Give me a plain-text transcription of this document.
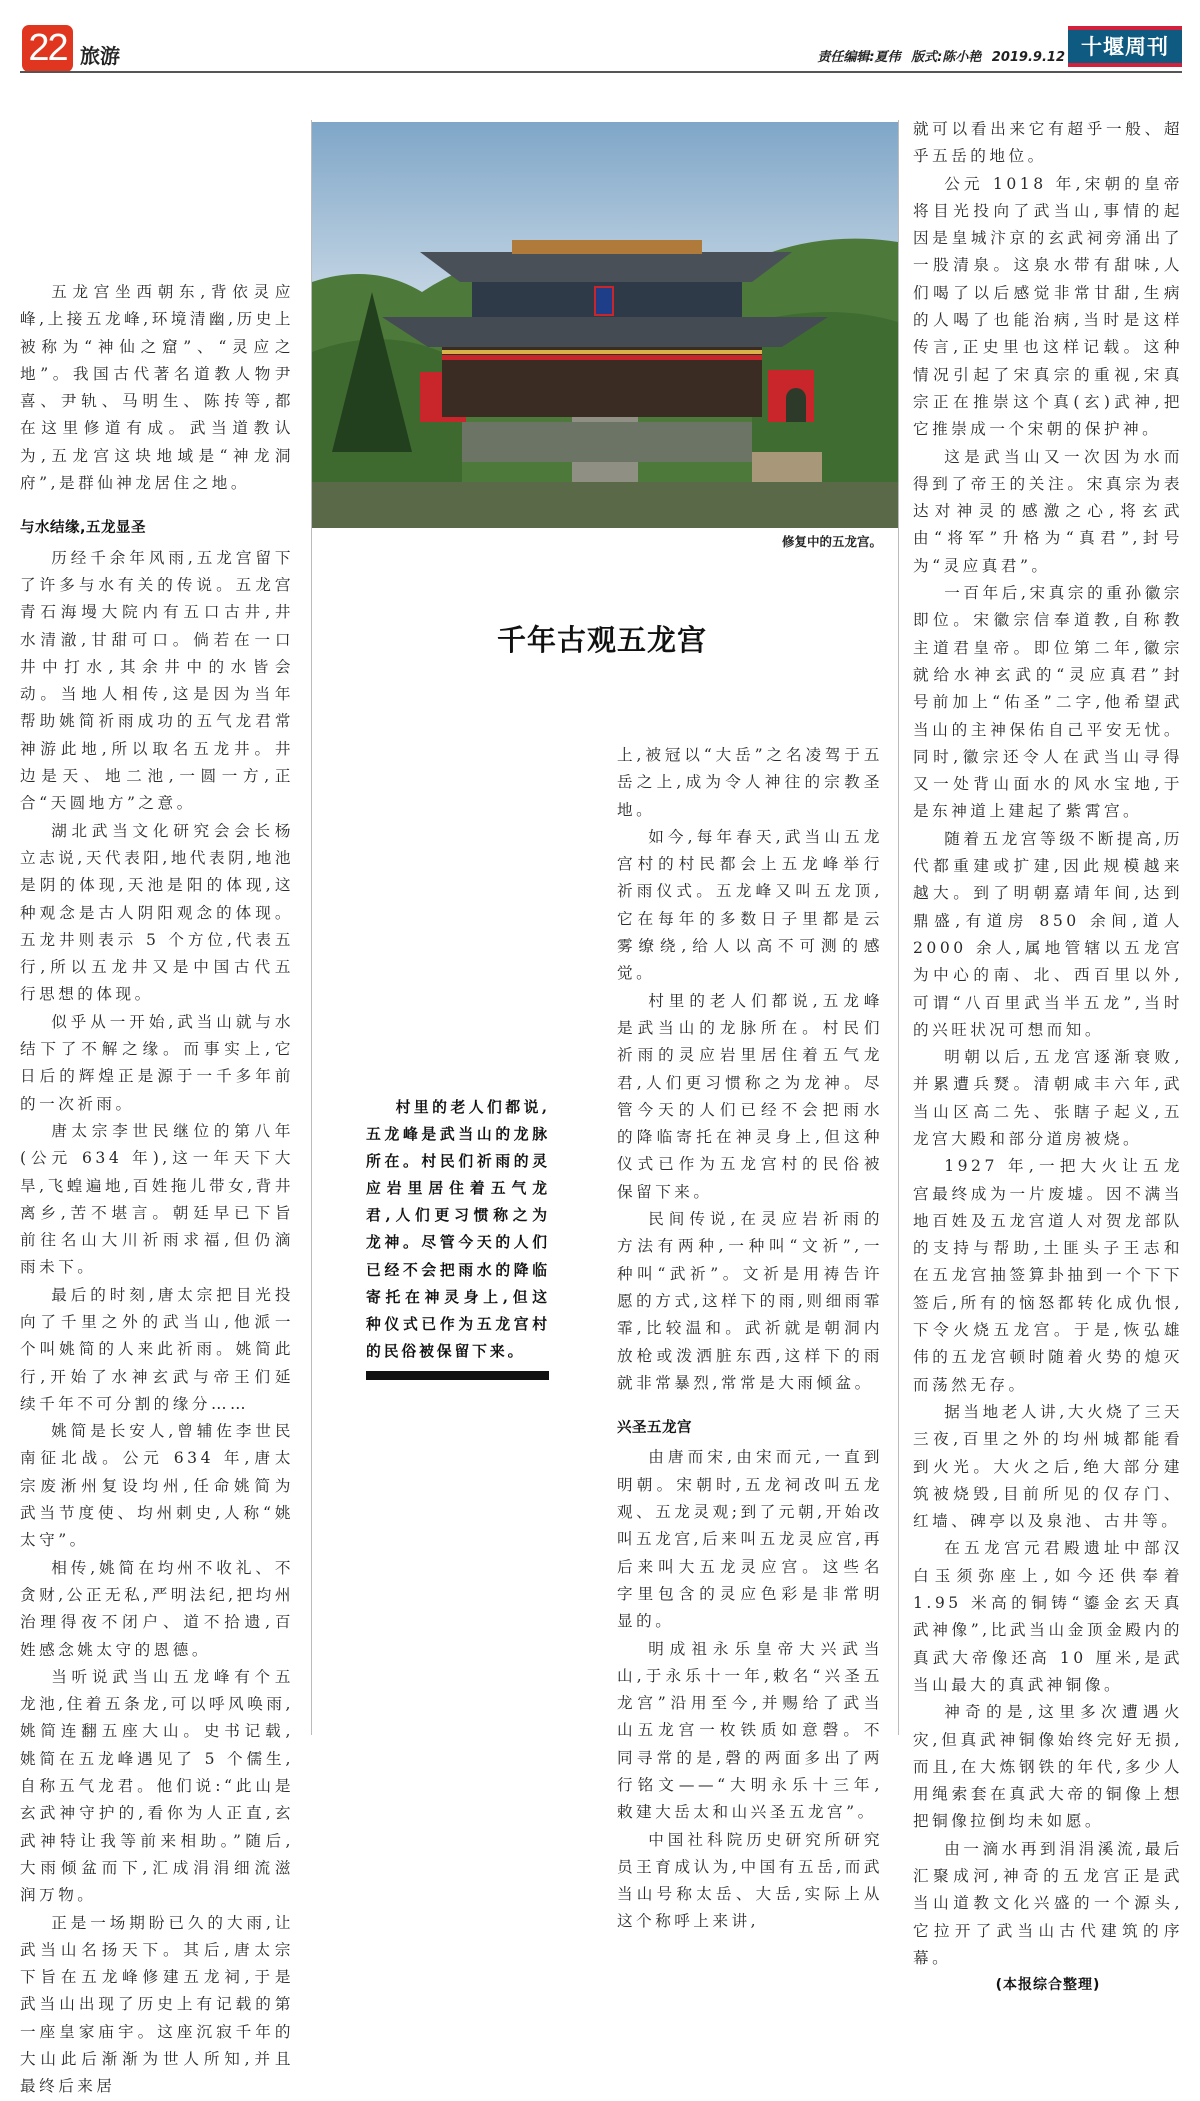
22 旅游	责任编辑:夏伟 版式:陈小艳 2019.9.12 十堰周刊
修复中的五龙宫。
千年古观五龙宫
村里的老人们都说,五龙峰是武当山的龙脉所在。村民们祈雨的灵应岩里居住着五气龙君,人们更习惯称之为龙神。尽管今天的人们已经不会把雨水的降临寄托在神灵身上,但这种仪式已作为五龙宫村的民俗被保留下来。

五龙宫坐西朝东,背依灵应峰,上接五龙峰,环境清幽,历史上被称为“神仙之窟”、“灵应之地”。我国古代著名道教人物尹喜、尹轨、马明生、陈抟等,都在这里修道有成。武当道教认为,五龙宫这块地域是“神龙洞府”,是群仙神龙居住之地。

与水结缘,五龙显圣

历经千余年风雨,五龙宫留下了许多与水有关的传说。五龙宫青石海墁大院内有五口古井,井水清澈,甘甜可口。倘若在一口井中打水,其余井中的水皆会动。当地人相传,这是因为当年帮助姚简祈雨成功的五气龙君常神游此地,所以取名五龙井。井边是天、地二池,一圆一方,正合“天圆地方”之意。

湖北武当文化研究会会长杨立志说,天代表阳,地代表阴,地池是阴的体现,天池是阳的体现,这种观念是古人阴阳观念的体现。五龙井则表示 5 个方位,代表五行,所以五龙井又是中国古代五行思想的体现。

似乎从一开始,武当山就与水结下了不解之缘。而事实上,它日后的辉煌正是源于一千多年前的一次祈雨。

唐太宗李世民继位的第八年 (公元 634 年),这一年天下大旱,飞蝗遍地,百姓拖儿带女,背井离乡,苦不堪言。朝廷早已下旨前往名山大川祈雨求福,但仍滴雨未下。

最后的时刻,唐太宗把目光投向了千里之外的武当山,他派一个叫姚简的人来此祈雨。姚简此行,开始了水神玄武与帝王们延续千年不可分割的缘分……

姚简是长安人,曾辅佐李世民南征北战。公元 634 年,唐太宗废淅州复设均州,任命姚简为武当节度使、均州刺史,人称“姚太守”。

相传,姚简在均州不收礼、不贪财,公正无私,严明法纪,把均州治理得夜不闭户、道不拾遗,百姓感念姚太守的恩德。

当听说武当山五龙峰有个五龙池,住着五条龙,可以呼风唤雨,姚简连翻五座大山。史书记载,姚简在五龙峰遇见了 5 个儒生,自称五气龙君。他们说:“此山是玄武神守护的,看你为人正直,玄武神特让我等前来相助。”随后,大雨倾盆而下,汇成涓涓细流滋润万物。

正是一场期盼已久的大雨,让武当山名扬天下。其后,唐太宗下旨在五龙峰修建五龙祠,于是武当山出现了历史上有记载的第一座皇家庙宇。这座沉寂千年的大山此后渐渐为世人所知,并且最终后来居

上,被冠以“大岳”之名凌驾于五岳之上,成为令人神往的宗教圣地。

如今,每年春天,武当山五龙宫村的村民都会上五龙峰举行祈雨仪式。五龙峰又叫五龙顶,它在每年的多数日子里都是云雾缭绕,给人以高不可测的感觉。

村里的老人们都说,五龙峰是武当山的龙脉所在。村民们祈雨的灵应岩里居住着五气龙君,人们更习惯称之为龙神。尽管今天的人们已经不会把雨水的降临寄托在神灵身上,但这种仪式已作为五龙宫村的民俗被保留下来。

民间传说,在灵应岩祈雨的方法有两种,一种叫“文祈”,一种叫“武祈”。文祈是用祷告许愿的方式,这样下的雨,则细雨霏霏,比较温和。武祈就是朝洞内放枪或泼洒脏东西,这样下的雨就非常暴烈,常常是大雨倾盆。

兴圣五龙宫

由唐而宋,由宋而元,一直到明朝。宋朝时,五龙祠改叫五龙观、五龙灵观;到了元朝,开始改叫五龙宫,后来叫五龙灵应宫,再后来叫大五龙灵应宫。这些名字里包含的灵应色彩是非常明显的。

明成祖永乐皇帝大兴武当山,于永乐十一年,敕名“兴圣五龙宫”沿用至今,并赐给了武当山五龙宫一枚铁质如意磬。不同寻常的是,磬的两面多出了两行铭文——“大明永乐十三年,敕建大岳太和山兴圣五龙宫”。

中国社科院历史研究所研究员王育成认为,中国有五岳,而武当山号称太岳、大岳,实际上从这个称呼上来讲,

就可以看出来它有超乎一般、超乎五岳的地位。

公元 1018 年,宋朝的皇帝将目光投向了武当山,事情的起因是皇城汴京的玄武祠旁涌出了一股清泉。这泉水带有甜味,人们喝了以后感觉非常甘甜,生病的人喝了也能治病,当时是这样传言,正史里也这样记载。这种情况引起了宋真宗的重视,宋真宗正在推崇这个真(玄)武神,把它推崇成一个宋朝的保护神。

这是武当山又一次因为水而得到了帝王的关注。宋真宗为表达对神灵的感激之心,将玄武由“将军”升格为“真君”,封号为“灵应真君”。

一百年后,宋真宗的重孙徽宗即位。宋徽宗信奉道教,自称教主道君皇帝。即位第二年,徽宗就给水神玄武的“灵应真君”封号前加上“佑圣”二字,他希望武当山的主神保佑自己平安无忧。同时,徽宗还令人在武当山寻得又一处背山面水的风水宝地,于是东神道上建起了紫霄宫。

随着五龙宫等级不断提高,历代都重建或扩建,因此规模越来越大。到了明朝嘉靖年间,达到鼎盛,有道房 850 余间,道人 2000 余人,属地管辖以五龙宫为中心的南、北、西百里以外,可谓“八百里武当半五龙”,当时的兴旺状况可想而知。

明朝以后,五龙宫逐渐衰败,并累遭兵燹。清朝咸丰六年,武当山区高二先、张瞎子起义,五龙宫大殿和部分道房被烧。

1927 年,一把大火让五龙宫最终成为一片废墟。因不满当地百姓及五龙宫道人对贺龙部队的支持与帮助,土匪头子王志和在五龙宫抽签算卦抽到一个下下签后,所有的恼怒都转化成仇恨,下令火烧五龙宫。于是,恢弘雄伟的五龙宫顿时随着火势的熄灭而荡然无存。

据当地老人讲,大火烧了三天三夜,百里之外的均州城都能看到火光。大火之后,绝大部分建筑被烧毁,目前所见的仅存门、红墙、碑亭以及泉池、古井等。

在五龙宫元君殿遗址中部汉白玉须弥座上,如今还供奉着 1.95 米高的铜铸“鎏金玄天真武神像”,比武当山金顶金殿内的真武大帝像还高 10 厘米,是武当山最大的真武神铜像。

神奇的是,这里多次遭遇火灾,但真武神铜像始终完好无损,而且,在大炼钢铁的年代,多少人用绳索套在真武大帝的铜像上想把铜像拉倒均未如愿。

由一滴水再到涓涓溪流,最后汇聚成河,神奇的五龙宫正是武当山道教文化兴盛的一个源头,它拉开了武当山古代建筑的序幕。

(本报综合整理)
